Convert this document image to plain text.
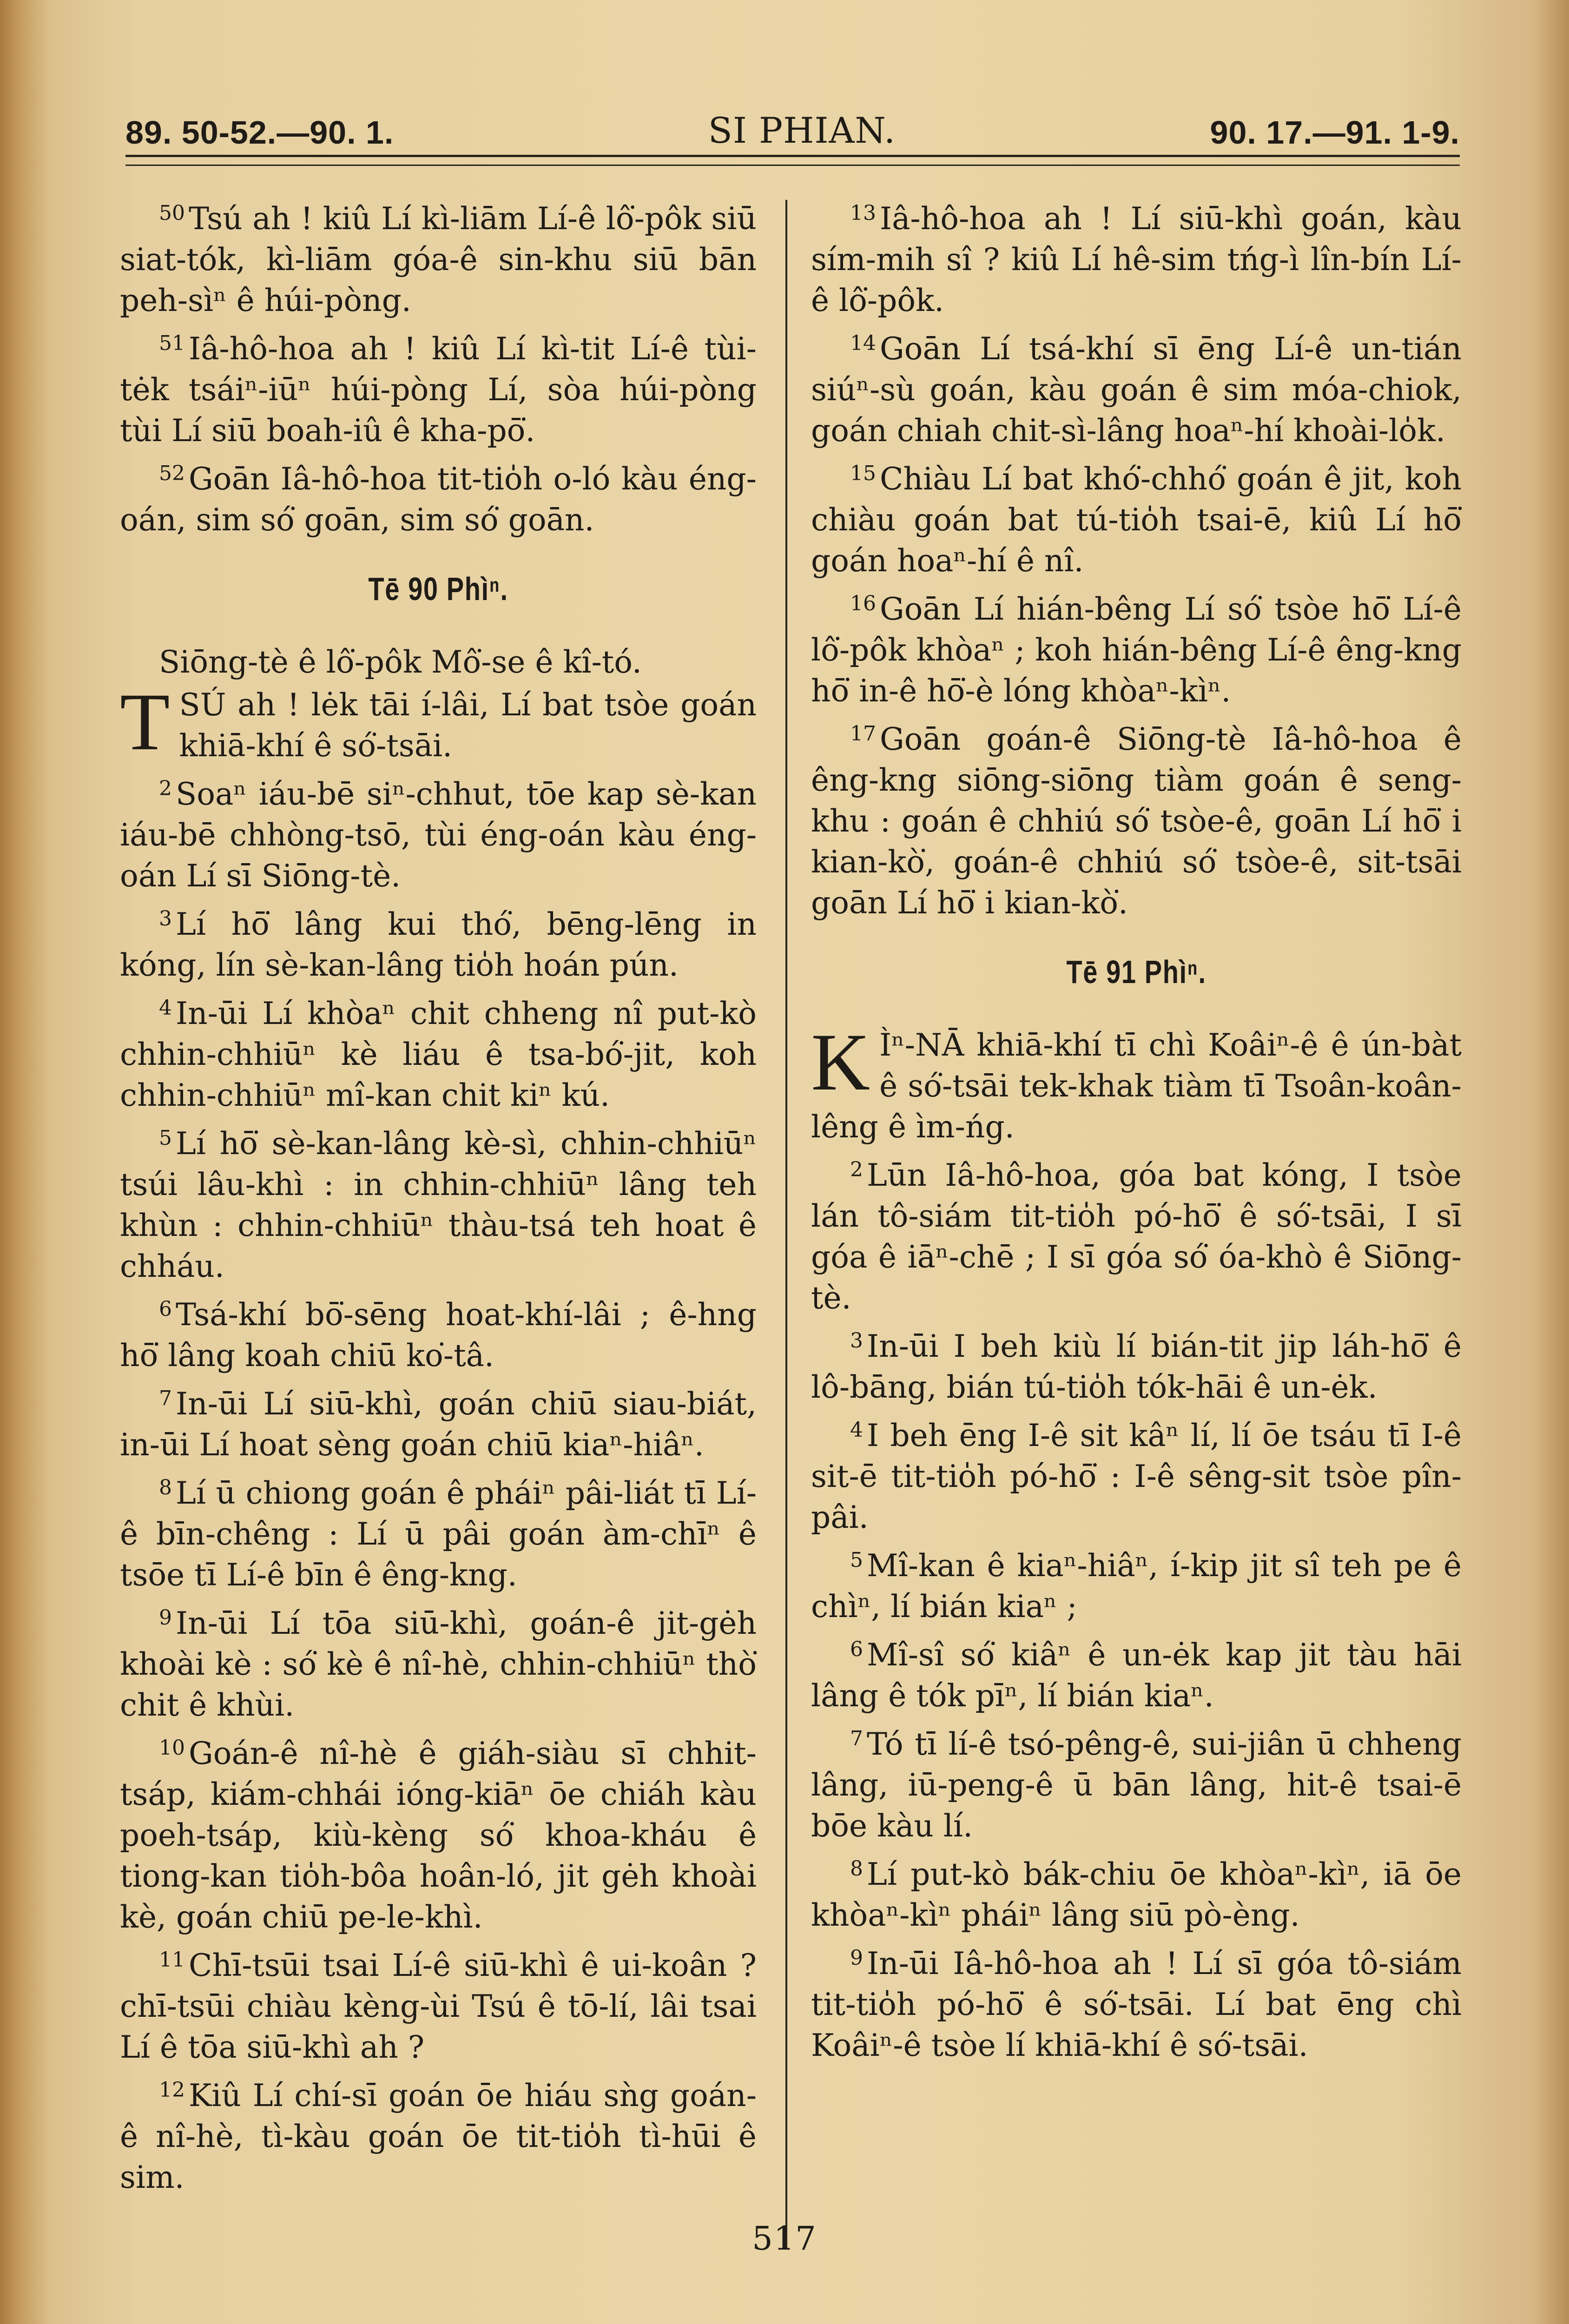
89. 50-52.—90. 1.	SI PHIAN.	90. 17.—91. 1-9.

$^{50}$ Tsú ah ! kiû Lí kì-liām Lí-ê lô͘-pôk siū siat-tók, kì-liām góa-ê sin-khu siū bān peh-sìⁿ ê húi-pòng.

$^{51}$ Iâ-hô-hoa ah ! kiû Lí kì-tit Lí-ê tùi-tėk tsáiⁿ-iūⁿ húi-pòng Lí, sòa húi-pòng tùi Lí siū boah-iû ê kha-pō͘.

$^{52}$ Goān Iâ-hô-hoa tit-tio̍h o-ló kàu éng-oán, sim só͘ goān, sim só͘ goān.

Tē 90 Phìⁿ.

Siōng-tè ê lô͘-pôk Mô͘-se ê kî-tó.

TSÚ ah ! lėk tāi í-lâi, Lí bat tsòe goán khiā-khí ê só͘-tsāi.

$^2$ Soaⁿ iáu-bē siⁿ-chhut, tōe kap sè-kan iáu-bē chhòng-tsō, tùi éng-oán kàu éng-oán Lí sī Siōng-tè.

$^3$ Lí hō͘ lâng kui thó͘, bēng-lēng in kóng, lín sè-kan-lâng tio̍h hoán pún.

$^4$ In-ūi Lí khòaⁿ chit chheng nî put-kò chhin-chhiūⁿ kè liáu ê tsa-bó͘-jit, koh chhin-chhiūⁿ mî-kan chit kiⁿ kú.

$^5$ Lí hō͘ sè-kan-lâng kè-sì, chhin-chhiūⁿ tsúi lâu-khì : in chhin-chhiūⁿ lâng teh khùn : chhin-chhiūⁿ thàu-tsá teh hoat ê chháu.

$^6$ Tsá-khí bō͘-sēng hoat-khí-lâi ; ê-hng hō͘ lâng koah chiū ko͘-tâ.

$^7$ In-ūi Lí siū-khì, goán chiū siau-biát, in-ūi Lí hoat sèng goán chiū kiaⁿ-hiâⁿ.

$^8$ Lí ū chiong goán ê pháiⁿ pâi-liát tī Lí-ê bīn-chêng : Lí ū pâi goán àm-chīⁿ ê tsōe tī Lí-ê bīn ê êng-kng.

$^9$ In-ūi Lí tōa siū-khì, goán-ê jit-gėh khoài kè : só͘ kè ê nî-hè, chhin-chhiūⁿ thò͘ chit ê khùi.

$^{10}$ Goán-ê nî-hè ê giáh-siàu sī chhit-tsáp, kiám-chhái ióng-kiāⁿ ōe chiáh kàu poeh-tsáp, kiù-kèng só͘ khoa-kháu ê tiong-kan tio̍h-bôa hoân-ló, jit gėh khoài kè, goán chiū pe-le-khì.

$^{11}$ Chī-tsūi tsai Lí-ê siū-khì ê ui-koân ? chī-tsūi chiàu kèng-ùi Tsú ê tō-lí, lâi tsai Lí ê tōa siū-khì ah ?

$^{12}$ Kiû Lí chí-sī goán ōe hiáu sǹg goán-ê nî-hè, tì-kàu goán ōe tit-tio̍h tì-hūi ê sim.

$^{13}$ Iâ-hô-hoa ah ! Lí siū-khì goán, kàu sím-mih sî ? kiû Lí hê-sim tńg-ì lîn-bín Lí-ê lô͘-pôk.

$^{14}$ Goān Lí tsá-khí sī ēng Lí-ê un-tián siúⁿ-sù goán, kàu goán ê sim móa-chiok, goán chiah chit-sì-lâng hoaⁿ-hí khoài-lo̍k.

$^{15}$ Chiàu Lí bat khó͘-chhó͘ goán ê jit, koh chiàu goán bat tú-tio̍h tsai-ē, kiû Lí hō͘ goán hoaⁿ-hí ê nî.

$^{16}$ Goān Lí hián-bêng Lí só͘ tsòe hō͘ Lí-ê lô͘-pôk khòaⁿ ; koh hián-bêng Lí-ê êng-kng hō͘ in-ê hō͘-è lóng khòaⁿ-kìⁿ.

$^{17}$ Goān goán-ê Siōng-tè Iâ-hô-hoa ê êng-kng siōng-siōng tiàm goán ê seng-khu : goán ê chhiú só͘ tsòe-ê, goān Lí hō͘ i kian-kò͘, goán-ê chhiú só͘ tsòe-ê, sit-tsāi goān Lí hō͘ i kian-kò͘.

Tē 91 Phìⁿ.

KÌⁿ-NĀ khiā-khí tī chì Koâiⁿ-ê ê ún-bàt ê só͘-tsāi tek-khak tiàm tī Tsoân-koân-lêng ê ìm-ńg.

$^2$ Lūn Iâ-hô-hoa, góa bat kóng, I tsòe lán tô-siám tit-tio̍h pó-hō͘ ê só͘-tsāi, I sī góa ê iāⁿ-chē ; I sī góa só͘ óa-khò ê Siōng-tè.

$^3$ In-ūi I beh kiù lí bián-tit jip láh-hō͘ ê lô-bāng, bián tú-tio̍h tók-hāi ê un-ėk.

$^4$ I beh ēng I-ê sit kâⁿ lí, lí ōe tsáu tī I-ê sit-ē tit-tio̍h pó-hō͘ : I-ê sêng-sit tsòe pîn-pâi.

$^5$ Mî-kan ê kiaⁿ-hiâⁿ, í-kip jit sî teh pe ê chìⁿ, lí bián kiaⁿ ;

$^6$ Mî-sî só͘ kiâⁿ ê un-ėk kap jit tàu hāi lâng ê tók pīⁿ, lí bián kiaⁿ.

$^7$ Tó tī lí-ê tsó-pêng-ê, sui-jiân ū chheng lâng, iū-peng-ê ū bān lâng, hit-ê tsai-ē bōe kàu lí.

$^8$ Lí put-kò bák-chiu ōe khòaⁿ-kìⁿ, iā ōe khòaⁿ-kìⁿ pháiⁿ lâng siū pò-èng.

$^9$ In-ūi Iâ-hô-hoa ah ! Lí sī góa tô-siám tit-tio̍h pó-hō͘ ê só͘-tsāi. Lí bat ēng chì Koâiⁿ-ê tsòe lí khiā-khí ê só͘-tsāi.

517
